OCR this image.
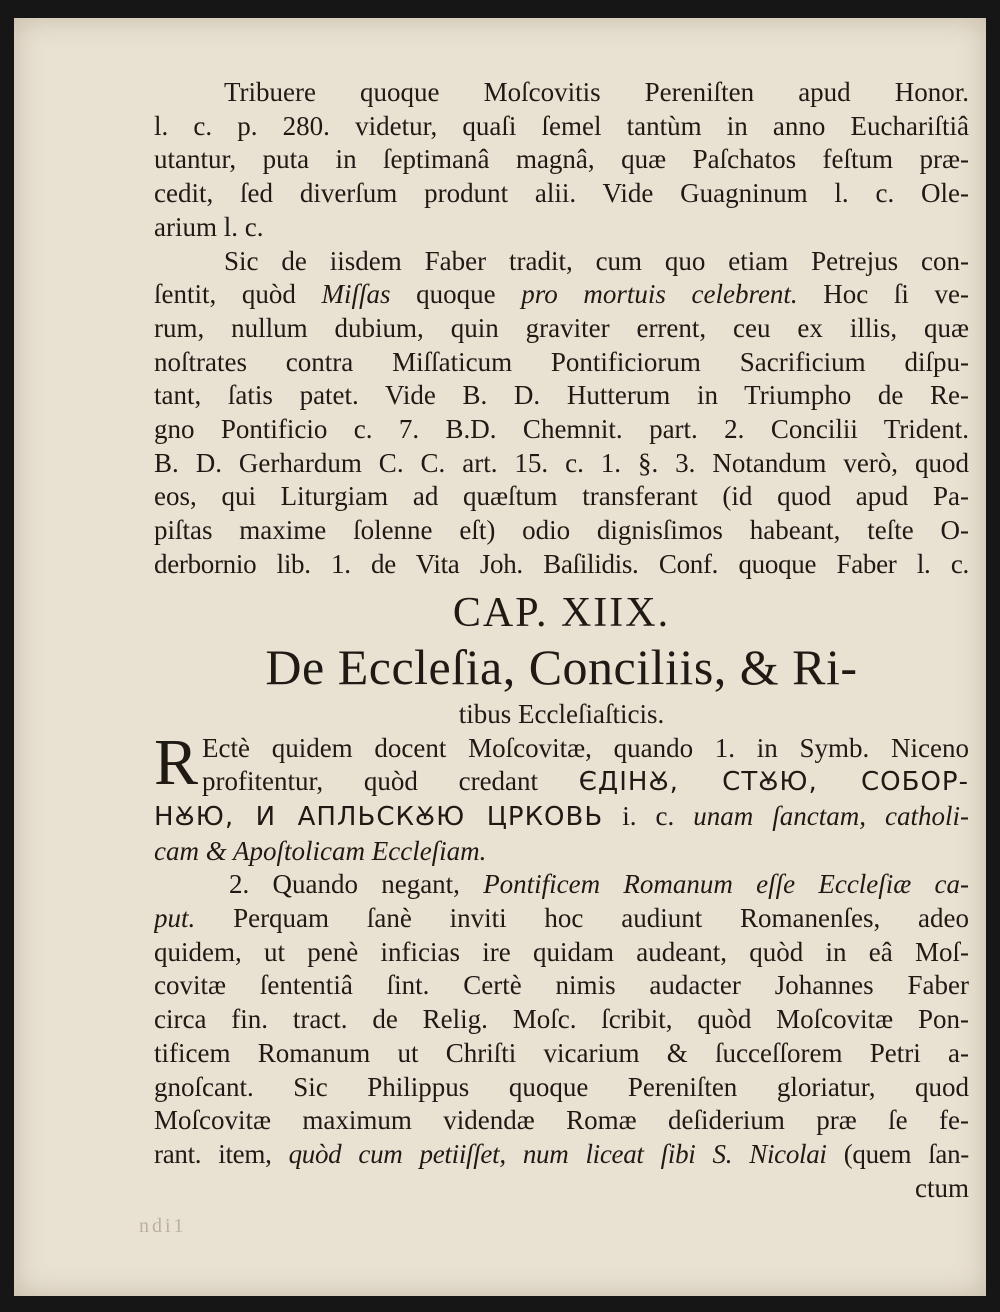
Tribuere quoque Moſcovitis Pereniſten apud Honor.
l. c. p. 280. videtur, quaſi ſemel tantùm in anno Euchariſtiâ
utantur, puta in ſeptimanâ magnâ, quæ Paſchatos feſtum præ-
cedit, ſed diverſum produnt alii. Vide Guagninum l. c. Ole-
arium l. c.
Sic de iisdem Faber tradit, cum quo etiam Petrejus con-
ſentit, quòd Miſſas quoque pro mortuis celebrent. Hoc ſi ve-
rum, nullum dubium, quin graviter errent, ceu ex illis, quæ
noſtrates contra Miſſaticum Pontificiorum Sacrificium diſpu-
tant, ſatis patet. Vide B. D. Hutterum in Triumpho de Re-
gno Pontificio c. 7. B.D. Chemnit. part. 2. Concilii Trident.
B. D. Gerhardum C. C. art. 15. c. 1. §. 3. Notandum verò, quod
eos, qui Liturgiam ad quæſtum transferant (id quod apud Pa-
piſtas maxime ſolenne eſt) odio dignisſimos habeant, teſte O-
derbornio lib. 1. de Vita Joh. Baſilidis. Conf. quoque Faber l. c.
CAP. XIIX.
De Eccleſia, Conciliis, & Ri-
tibus Eccleſiaſticis.
R Ectè quidem docent Moſcovitæ, quando 1. in Symb. Niceno
profitentur, quòd credant ЄДІНꙊ, СТꙊЮ, СОБОР-
НꙊЮ, И АПЛЬСКꙊЮ ЦРКОВЬ i. c. unam ſanctam, catholi-
cam & Apoſtolicam Eccleſiam.
2. Quando negant, Pontificem Romanum eſſe Eccleſiæ ca-
put. Perquam ſanè inviti hoc audiunt Romanenſes, adeo
quidem, ut penè inficias ire quidam audeant, quòd in eâ Moſ-
covitæ ſententiâ ſint. Certè nimis audacter Johannes Faber
circa fin. tract. de Relig. Moſc. ſcribit, quòd Moſcovitæ Pon-
tificem Romanum ut Chriſti vicarium & ſucceſſorem Petri a-
gnoſcant. Sic Philippus quoque Pereniſten gloriatur, quod
Moſcovitæ maximum videndæ Romæ deſiderium præ ſe fe-
rant. item, quòd cum petiiſſet, num liceat ſibi S. Nicolai (quem ſan-
ctum
ndi1
